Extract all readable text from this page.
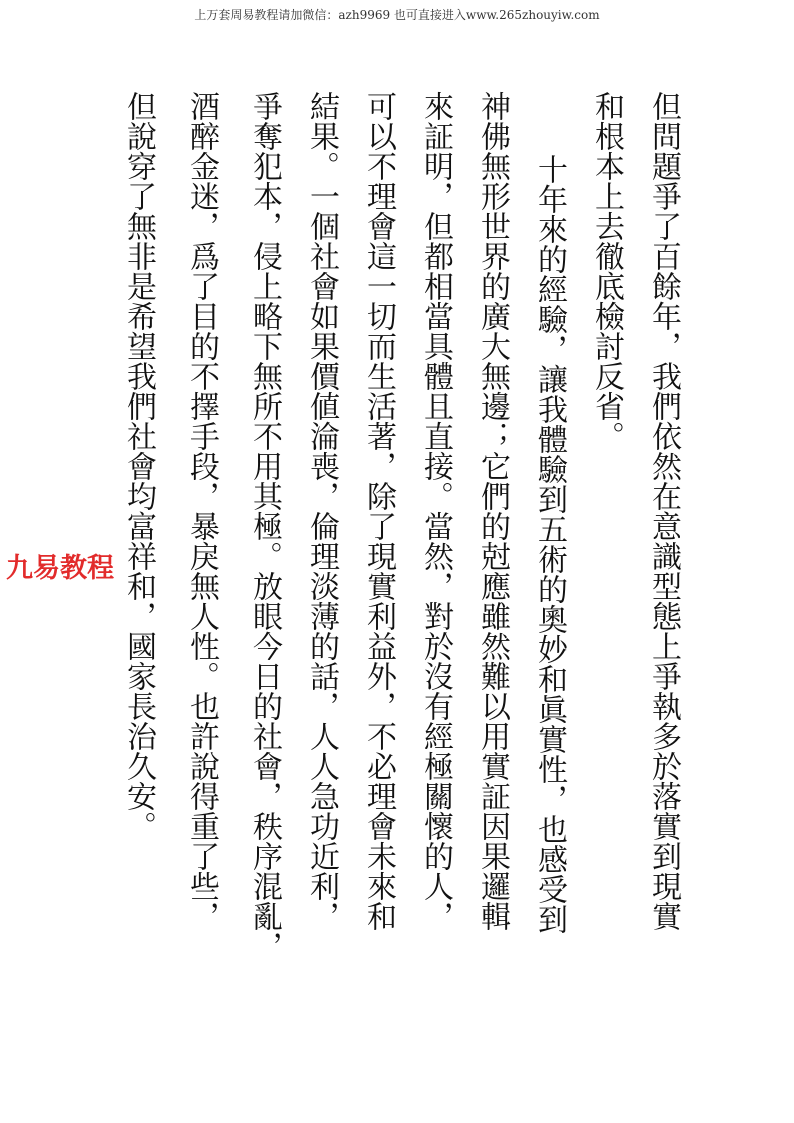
上万套周易教程请加微信：azh9969 也可直接进入www.265zhouyiw.com
但問題爭了百餘年，我們依然在意識型態上爭執多於落實到現實
和根本上去徹底檢討反省。
十年來的經驗，讓我體驗到五術的奧妙和眞實性，也感受到
神佛無形世界的廣大無邊；它們的尅應雖然難以用實証因果邏輯
來証明，但都相當具體且直接。當然，對於沒有經極關懷的人，
可以不理會這一切而生活著，除了現實利益外，不必理會未來和
結果。一個社會如果價値淪喪，倫理淡薄的話，人人急功近利，
爭奪犯本，侵上略下無所不用其極。放眼今日的社會，秩序混亂，
酒醉金迷，爲了目的不擇手段，暴戾無人性。也許說得重了些，
但說穿了無非是希望我們社會均富祥和，國家長治久安。
九易教程
